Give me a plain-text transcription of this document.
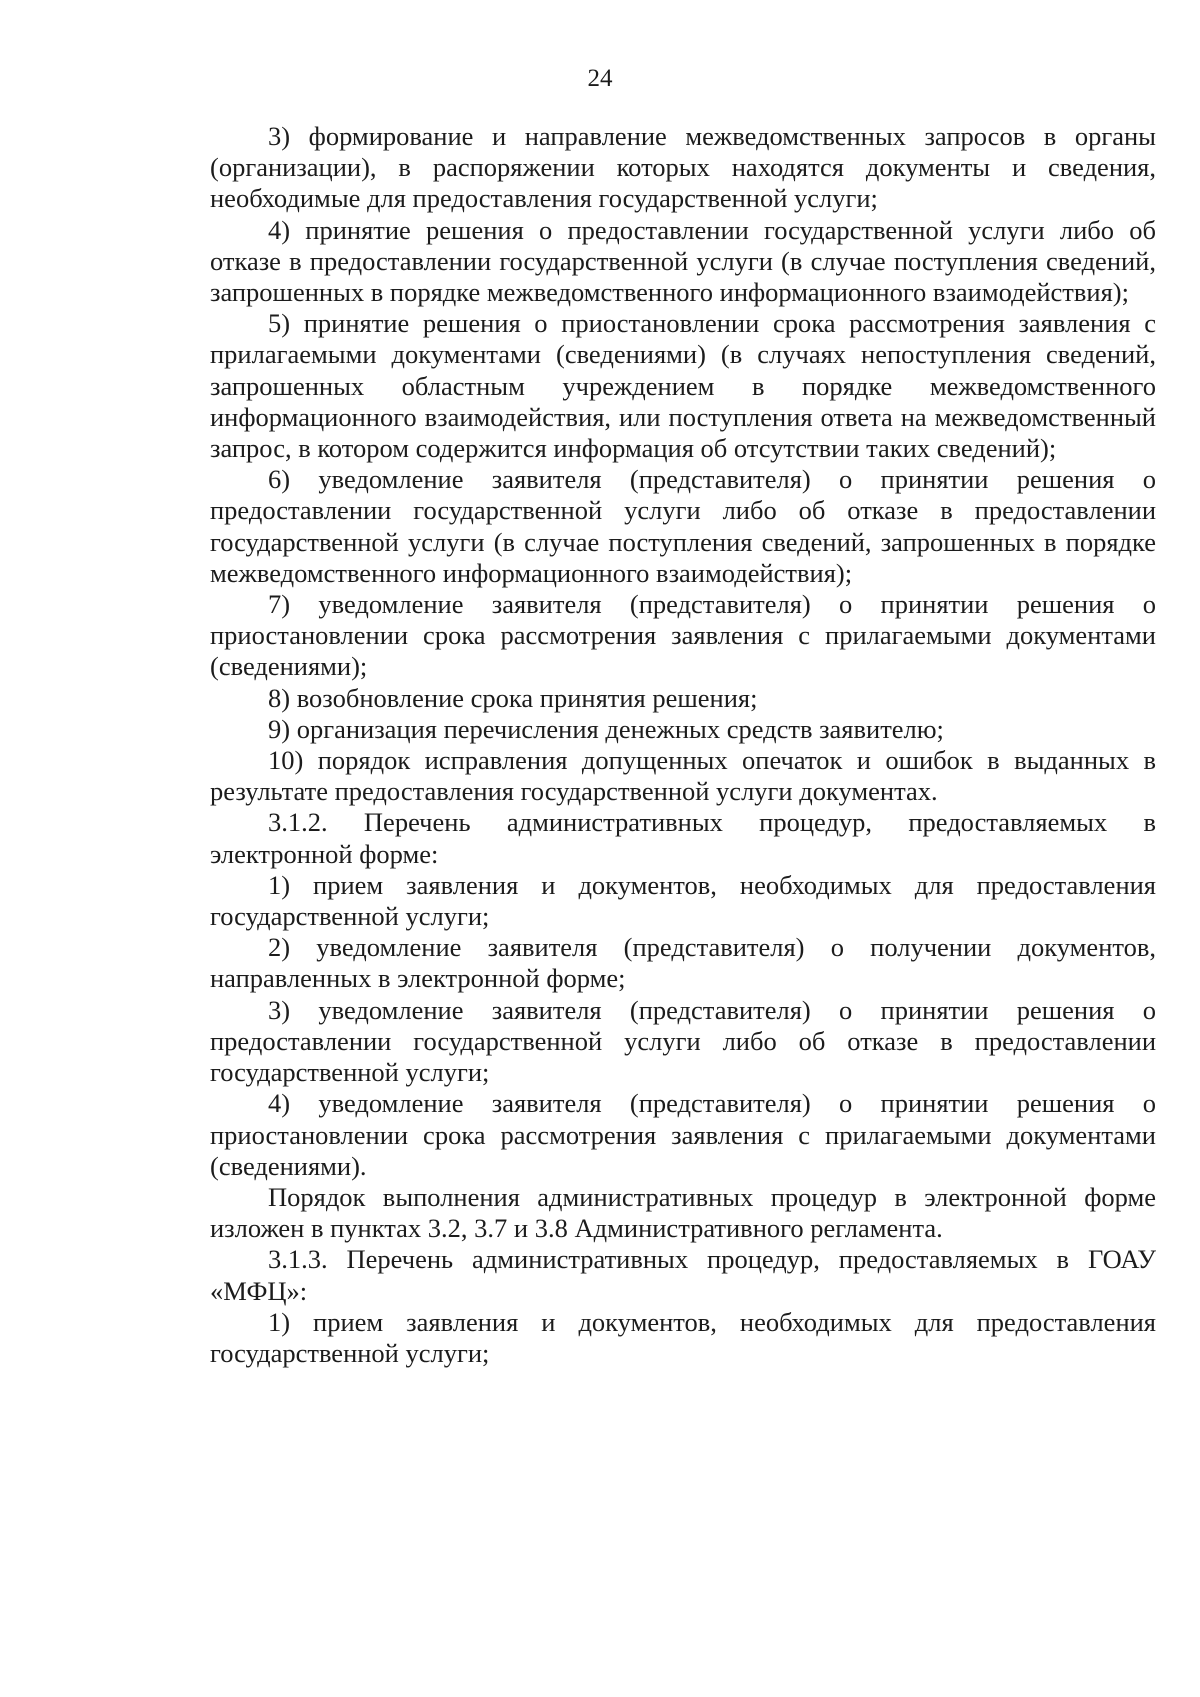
24

3) формирование и направление межведомственных запросов в органы (организации), в распоряжении которых находятся документы и сведения, необходимые для предоставления государственной услуги;

4) принятие решения о предоставлении государственной услуги либо об отказе в предоставлении государственной услуги (в случае поступления сведений, запрошенных в порядке межведомственного информационного взаимодействия);

5) принятие решения о приостановлении срока рассмотрения заявления с прилагаемыми документами (сведениями) (в случаях непоступления сведений, запрошенных областным учреждением в порядке межведомственного информационного взаимодействия, или поступления ответа на межведомственный запрос, в котором содержится информация об отсутствии таких сведений);

6) уведомление заявителя (представителя) о принятии решения о предоставлении государственной услуги либо об отказе в предоставлении государственной услуги (в случае поступления сведений, запрошенных в порядке межведомственного информационного взаимодействия);

7) уведомление заявителя (представителя) о принятии решения о приостановлении срока рассмотрения заявления с прилагаемыми документами (сведениями);

8) возобновление срока принятия решения;

9) организация перечисления денежных средств заявителю;

10) порядок исправления допущенных опечаток и ошибок в выданных в результате предоставления государственной услуги документах.

3.1.2. Перечень административных процедур, предоставляемых в электронной форме:

1) прием заявления и документов, необходимых для предоставления государственной услуги;

2) уведомление заявителя (представителя) о получении документов, направленных в электронной форме;

3) уведомление заявителя (представителя) о принятии решения о предоставлении государственной услуги либо об отказе в предоставлении государственной услуги;

4) уведомление заявителя (представителя) о принятии решения о приостановлении срока рассмотрения заявления с прилагаемыми документами (сведениями).

Порядок выполнения административных процедур в электронной форме изложен в пунктах 3.2, 3.7 и 3.8 Административного регламента.

3.1.3. Перечень административных процедур, предоставляемых в ГОАУ «МФЦ»:

1) прием заявления и документов, необходимых для предоставления государственной услуги;
